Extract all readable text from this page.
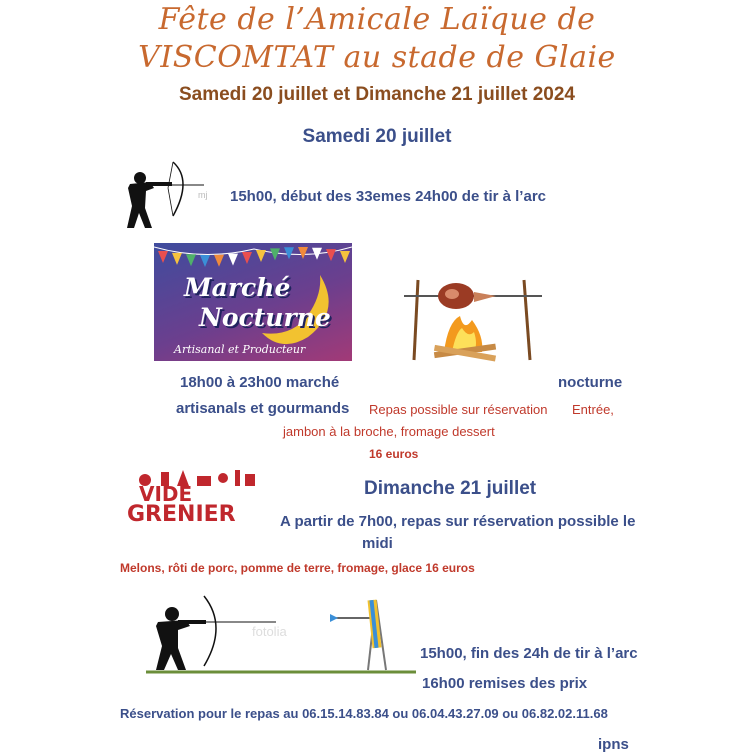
Fête de l’Amicale Laïque de
VISCOMTAT au stade de Glaie
Samedi 20 juillet et Dimanche 21 juillet 2024
Samedi 20 juillet
mj 15h00, début des 33emes 24h00 de tir à l’arc
Marché
Nocturne
Artisanal et Producteur
18h00 à 23h00 marché	nocturne
artisanals et gourmands Repas possible sur réservation Entrée,
jambon à la broche, fromage dessert
16 euros
VIDE
GRENIER
Dimanche 21 juillet
A partir de 7h00, repas sur réservation possible le
midi
Melons, rôti de porc, pomme de terre, fromage, glace 16 euros
fotolia
15h00, fin des 24h de tir à l’arc
16h00 remises des prix
Réservation pour le repas au 06.15.14.83.84 ou 06.04.43.27.09 ou 06.82.02.11.68
ipns
